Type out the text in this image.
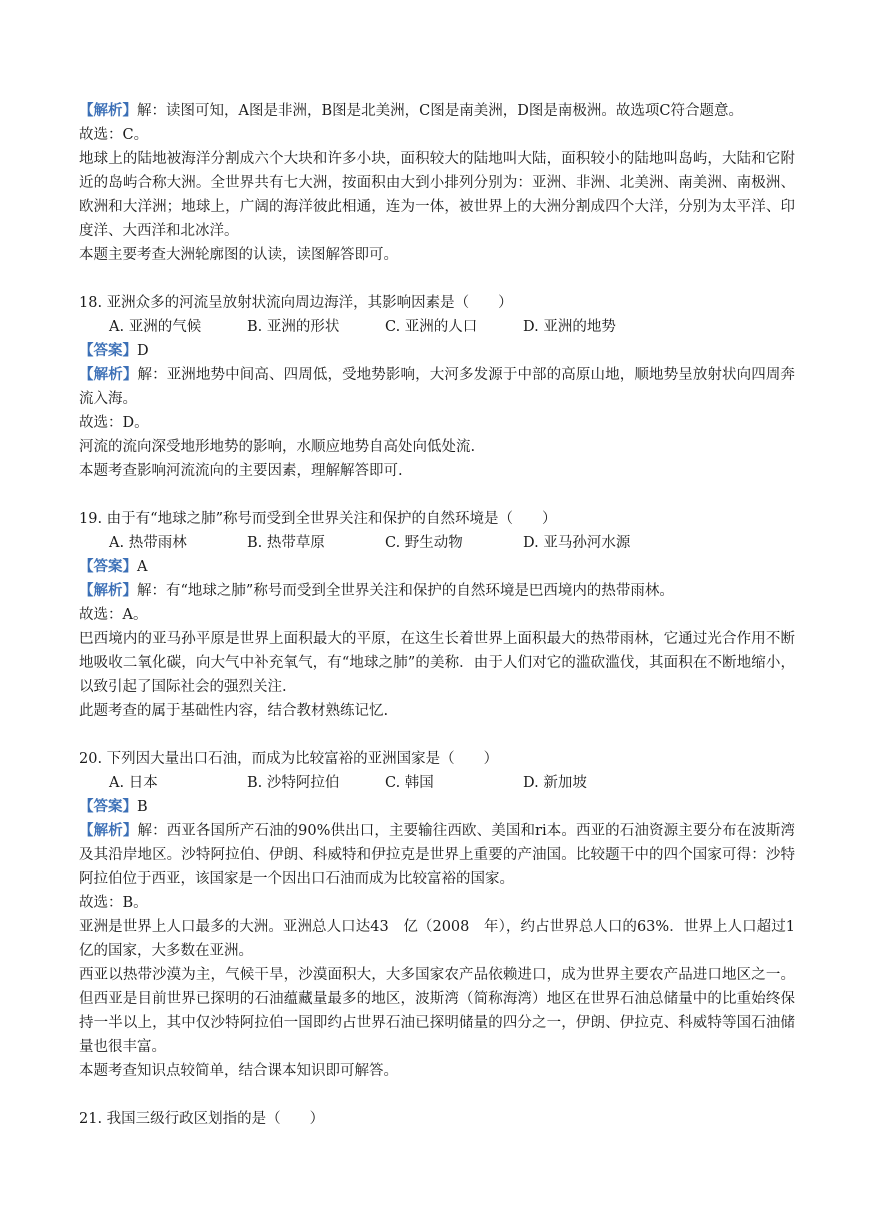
【解析】解：读图可知，A图是非洲，B图是北美洲，C图是南美洲，D图是南极洲。故选项C符合题意。
故选：C。
地球上的陆地被海洋分割成六个大块和许多小块，面积较大的陆地叫大陆，面积较小的陆地叫岛屿，大陆和它附近的岛屿合称大洲。全世界共有七大洲，按面积由大到小排列分别为：亚洲、非洲、北美洲、南美洲、南极洲、欧洲和大洋洲；地球上，广阔的海洋彼此相通，连为一体，被世界上的大洲分割成四个大洋，分别为太平洋、印度洋、大西洋和北冰洋。
本题主要考查大洲轮廓图的认读，读图解答即可。
18. 亚洲众多的河流呈放射状流向周边海洋，其影响因素是（　　）
A. 亚洲的气候	B. 亚洲的形状	C. 亚洲的人口	D. 亚洲的地势
【答案】D
【解析】解：亚洲地势中间高、四周低，受地势影响，大河多发源于中部的高原山地，顺地势呈放射状向四周奔流入海。
故选：D。
河流的流向深受地形地势的影响，水顺应地势自高处向低处流.
本题考查影响河流流向的主要因素，理解解答即可.
19. 由于有“地球之肺”称号而受到全世界关注和保护的自然环境是（　　）
A. 热带雨林	B. 热带草原	C. 野生动物	D. 亚马孙河水源
【答案】A
【解析】解：有“地球之肺”称号而受到全世界关注和保护的自然环境是巴西境内的热带雨林。
故选：A。
巴西境内的亚马孙平原是世界上面积最大的平原，在这生长着世界上面积最大的热带雨林，它通过光合作用不断地吸收二氧化碳，向大气中补充氧气，有“地球之肺”的美称．由于人们对它的滥砍滥伐，其面积在不断地缩小，以致引起了国际社会的强烈关注.
此题考查的属于基础性内容，结合教材熟练记忆.
20. 下列因大量出口石油，而成为比较富裕的亚洲国家是（　　）
A. 日本	B. 沙特阿拉伯	C. 韩国	D. 新加坡
【答案】B
【解析】解：西亚各国所产石油的90%供出口，主要输往西欧、美国和ri本。西亚的石油资源主要分布在波斯湾及其沿岸地区。沙特阿拉伯、伊朗、科威特和伊拉克是世界上重要的产油国。比较题干中的四个国家可得：沙特阿拉伯位于西亚，该国家是一个因出口石油而成为比较富裕的国家。
故选：B。
亚洲是世界上人口最多的大洲。亚洲总人口达43　亿（2008　年），约占世界总人口的63%．世界上人口超过1亿的国家，大多数在亚洲。
西亚以热带沙漠为主，气候干旱，沙漠面积大，大多国家农产品依赖进口，成为世界主要农产品进口地区之一。但西亚是目前世界已探明的石油蕴藏量最多的地区，波斯湾（简称海湾）地区在世界石油总储量中的比重始终保持一半以上，其中仅沙特阿拉伯一国即约占世界石油已探明储量的四分之一，伊朗、伊拉克、科威特等国石油储量也很丰富。
本题考查知识点较简单，结合课本知识即可解答。
21. 我国三级行政区划指的是（　　）
